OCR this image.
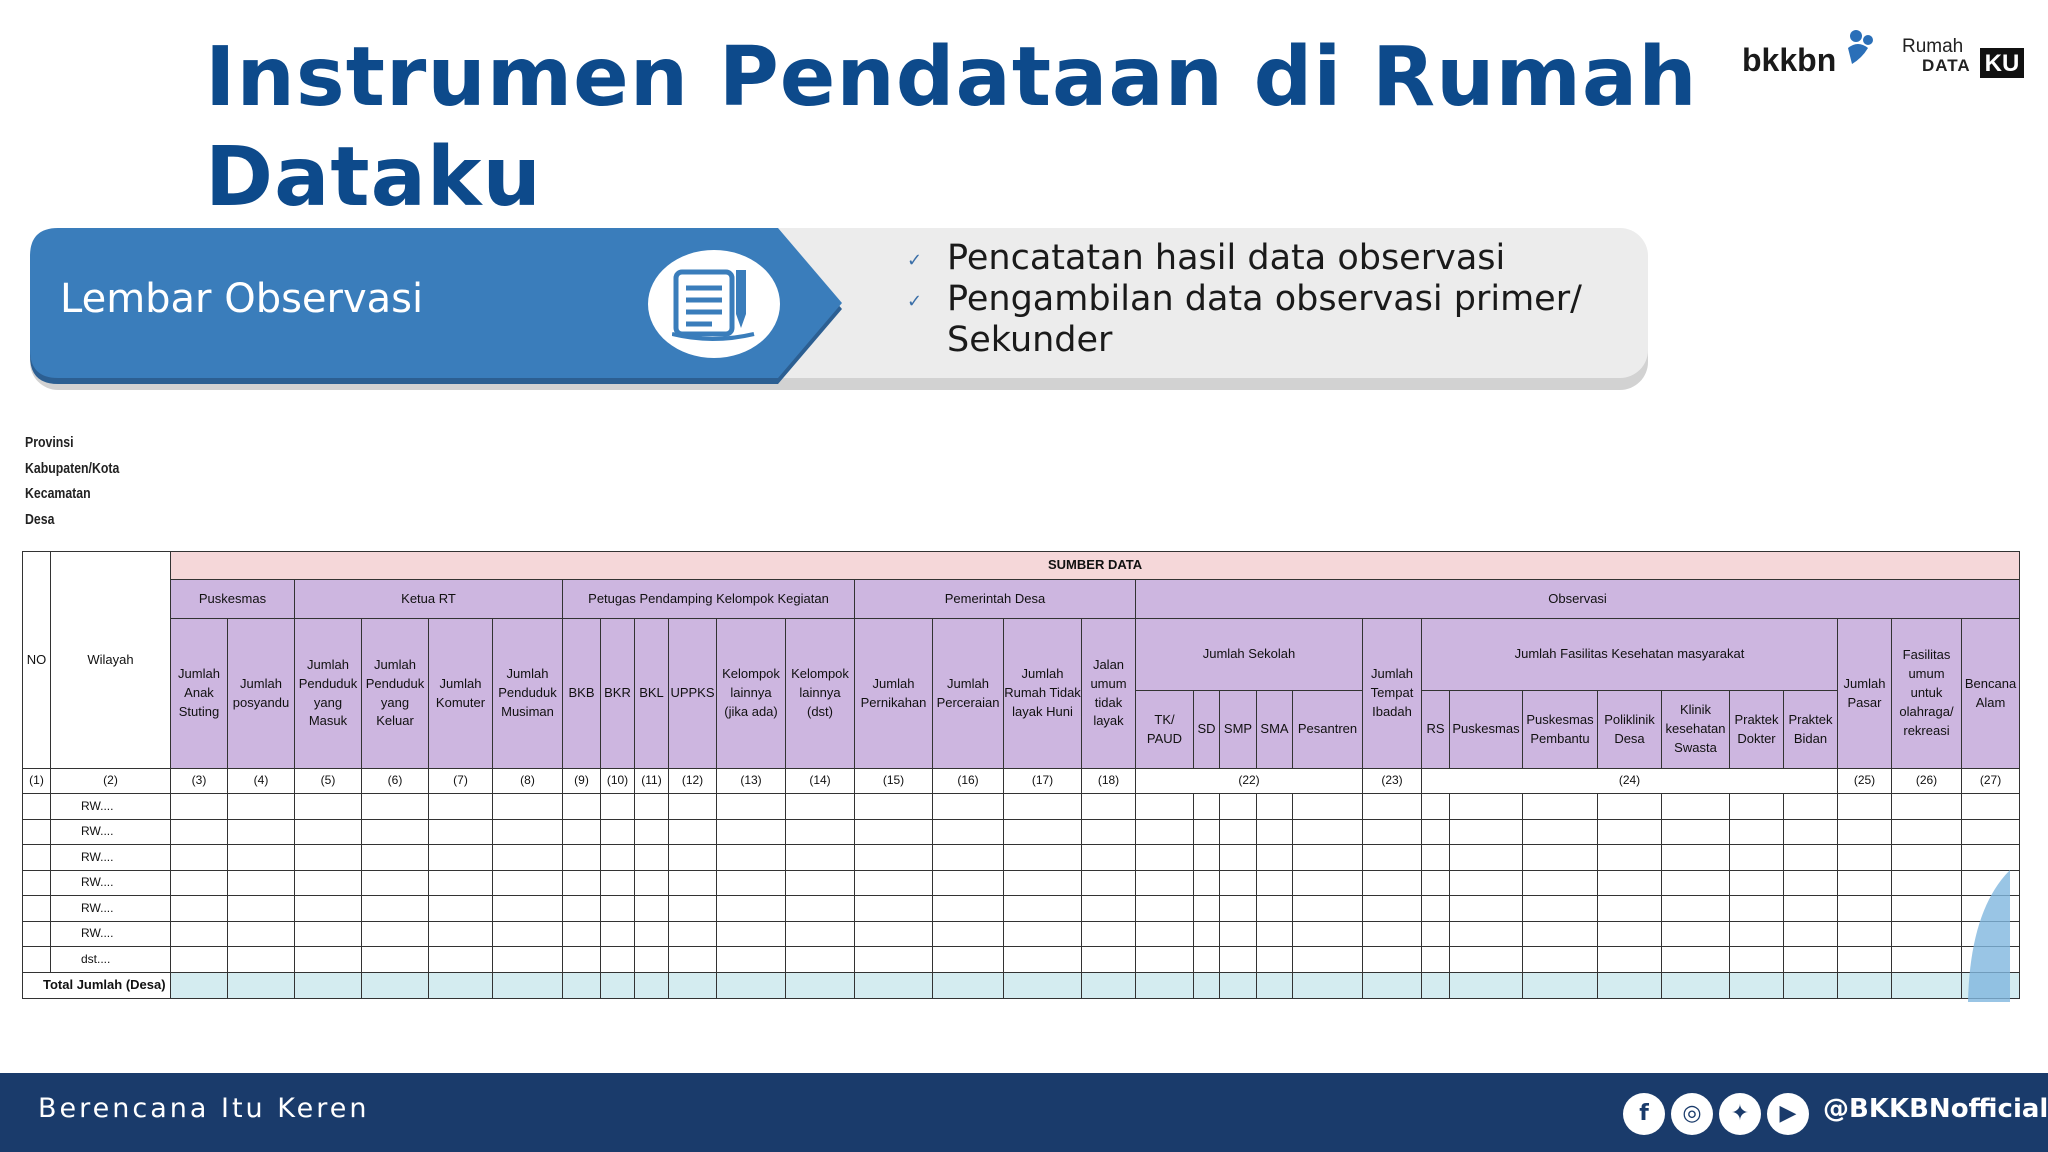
Instrumen Pendataan di Rumah Dataku
bkkbn	Rumah
DATA KU
Lembar Observasi
✓ Pencatatan hasil data observasi
✓ Pengambilan data observasi primer/ Sekunder
Provinsi
Kabupaten/Kota
Kecamatan
Desa
NO	Wilayah	SUMBER DATA																															
		Puskesmas		Ketua RT				Petugas Pendamping Kelompok Kegiatan						Pemerintah Desa				Observasi															
		Jumlah Anak Stuting	Jumlah posyandu	Jumlah Penduduk yang Masuk	Jumlah Penduduk yang Keluar	Jumlah Komuter	Jumlah Penduduk Musiman	BKB	BKR	BKL	UPPKS	Kelompok lainnya (jika ada)	Kelompok lainnya (dst)	Jumlah Pernikahan	Jumlah Perceraian	Jumlah Rumah Tidak layak Huni	Jalan umum tidak layak	Jumlah Sekolah					Jumlah Tempat Ibadah	Jumlah Fasilitas Kesehatan masyarakat							Jumlah Pasar	Fasilitas umum untuk olahraga/ rekreasi	Bencana Alam
																		TK/ PAUD	SD	SMP	SMA	Pesantren		RS	Puskesmas	Puskesmas Pembantu	Poliklinik Desa	Klinik kesehatan Swasta	Praktek Dokter	Praktek Bidan			
(1)	(2)	(3)	(4)	(5)	(6)	(7)	(8)	(9)	(10)	(11)	(12)	(13)	(14)	(15)	(16)	(17)	(18)	(22)					(23)	(24)							(25)	(26)	(27)
	RW....																																
	RW....																																
	RW....																																
	RW....																																
	RW....																																
	RW....																																
	dst....																																
Total Jumlah (Desa)																																	
Berencana Itu Keren	f	◎	✦	▶	@BKKBNofficial
